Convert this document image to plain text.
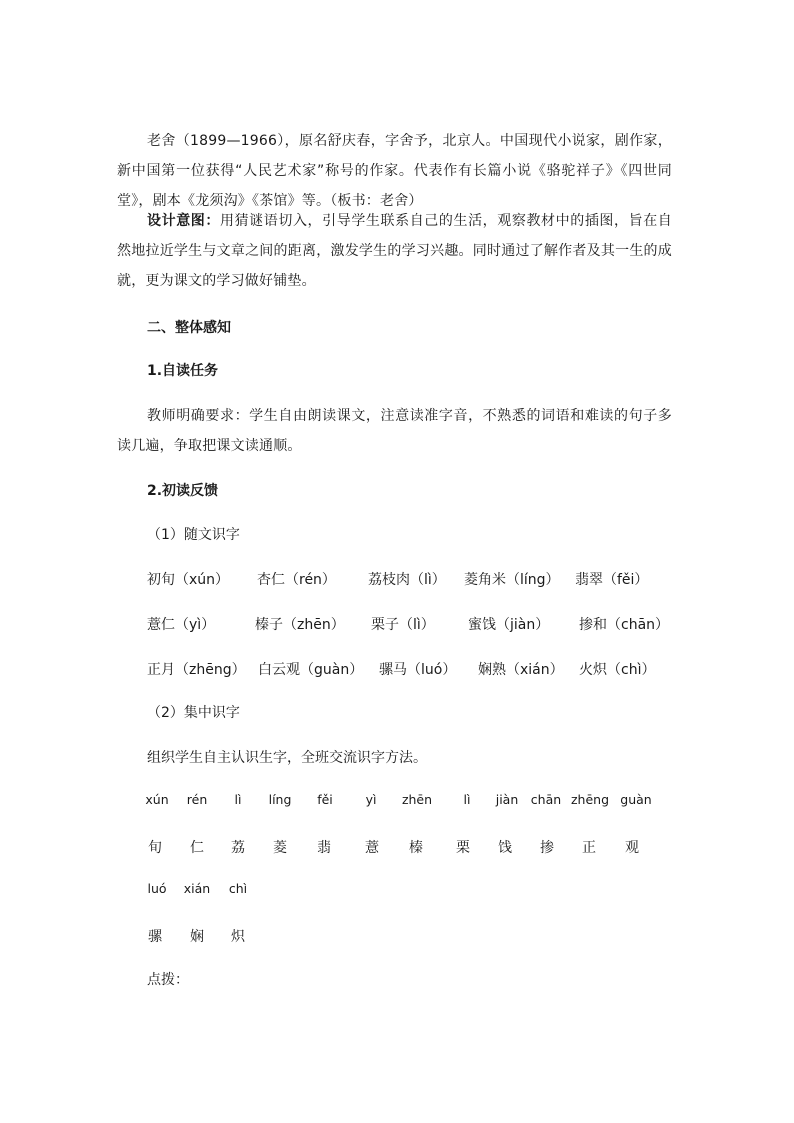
老舍（1899—1966），原名舒庆春，字舍予，北京人。中国现代小说家，剧作家，新中国第一位获得“人民艺术家”称号的作家。代表作有长篇小说《骆驼祥子》《四世同堂》，剧本《龙须沟》《茶馆》等。（板书：老舍）

设计意图：用猜谜语切入，引导学生联系自己的生活，观察教材中的插图，旨在自然地拉近学生与文章之间的距离，激发学生的学习兴趣。同时通过了解作者及其一生的成就，更为课文的学习做好铺垫。

二、整体感知

1.自读任务

教师明确要求：学生自由朗读课文，注意读准字音，不熟悉的词语和难读的句子多读几遍，争取把课文读通顺。

2.初读反馈

（1）随文识字

初旬（xún） 杏仁（rén） 荔枝肉（lì） 菱角米（líng） 翡翠（fěi）
薏仁（yì）	榛子（zhēn） 栗子（lì） 蜜饯（jiàn） 掺和（chān）
正月（zhēng） 白云观（guàn） 骡马（luó） 娴熟（xián） 火炽（chì）

（2）集中识字

组织学生自主认识生字，全班交流识字方法。

xún rén lì líng fěi	yì zhēn	lì jiàn chān zhēng guàn
旬 仁 荔 菱 翡 薏 榛 栗 饯 掺 正 观
luó xián chì
骡 娴 炽

点拨：
